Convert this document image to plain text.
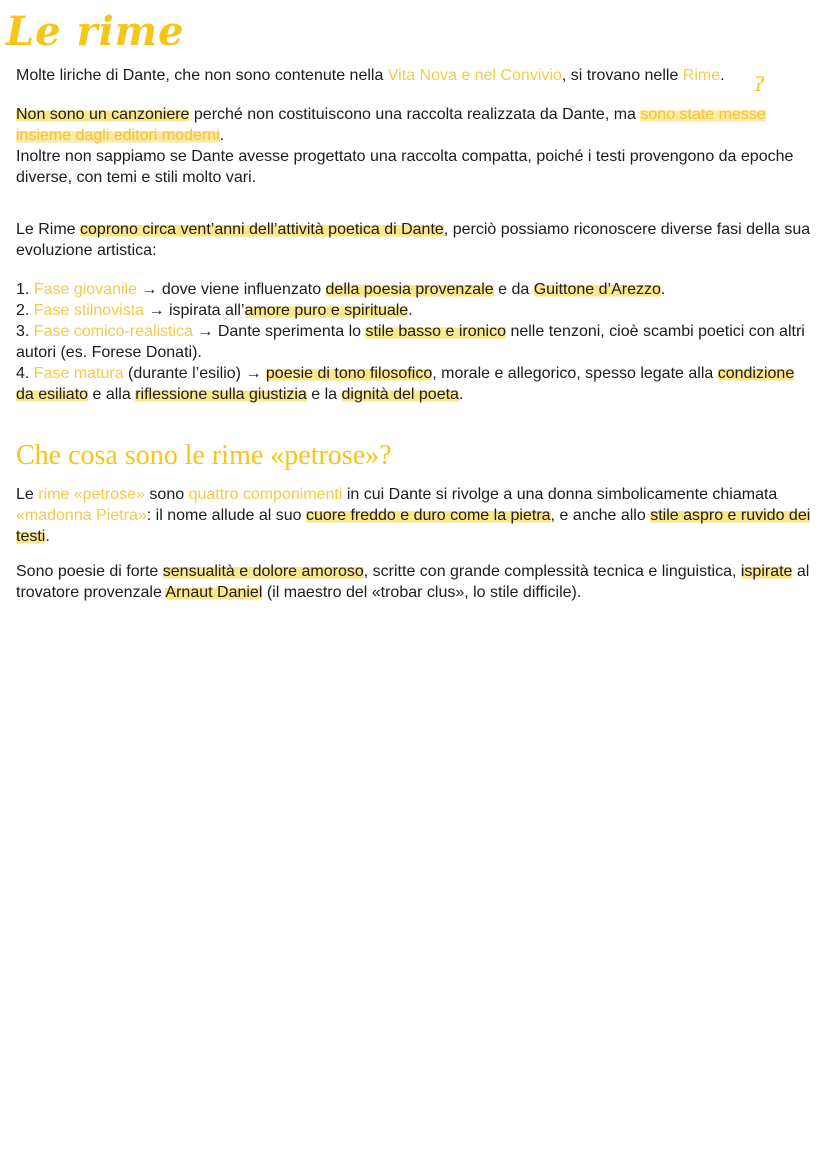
Le rime

Molte liriche di Dante, che non sono contenute nella Vita Nova e nel Convivio, si trovano nelle Rime.	ʔ

Non sono un canzoniere perché non costituiscono una raccolta realizzata da Dante, ma sono state messe insieme dagli editori moderni.
Inoltre non sappiamo se Dante avesse progettato una raccolta compatta, poiché i testi provengono da epoche diverse, con temi e stili molto vari.

Le Rime coprono circa vent’anni dell’attività poetica di Dante, perciò possiamo riconoscere diverse fasi della sua evoluzione artistica:

1. Fase giovanile → dove viene influenzato della poesia provenzale e da Guittone d’Arezzo.
2. Fase stilnovista → ispirata all’amore puro e spirituale.
3. Fase comico-realistica → Dante sperimenta lo stile basso e ironico nelle tenzoni, cioè scambi poetici con altri autori (es. Forese Donati).
4. Fase matura (durante l’esilio) → poesie di tono filosofico, morale e allegorico, spesso legate alla condizione da esiliato e alla riflessione sulla giustizia e la dignità del poeta.

Che cosa sono le rime «petrose»?

Le rime «petrose» sono quattro componimenti in cui Dante si rivolge a una donna simbolicamente chiamata «madonna Pietra»: il nome allude al suo cuore freddo e duro come la pietra, e anche allo stile aspro e ruvido dei testi.

Sono poesie di forte sensualità e dolore amoroso, scritte con grande complessità tecnica e linguistica, ispirate al trovatore provenzale Arnaut Daniel (il maestro del «trobar clus», lo stile difficile).
